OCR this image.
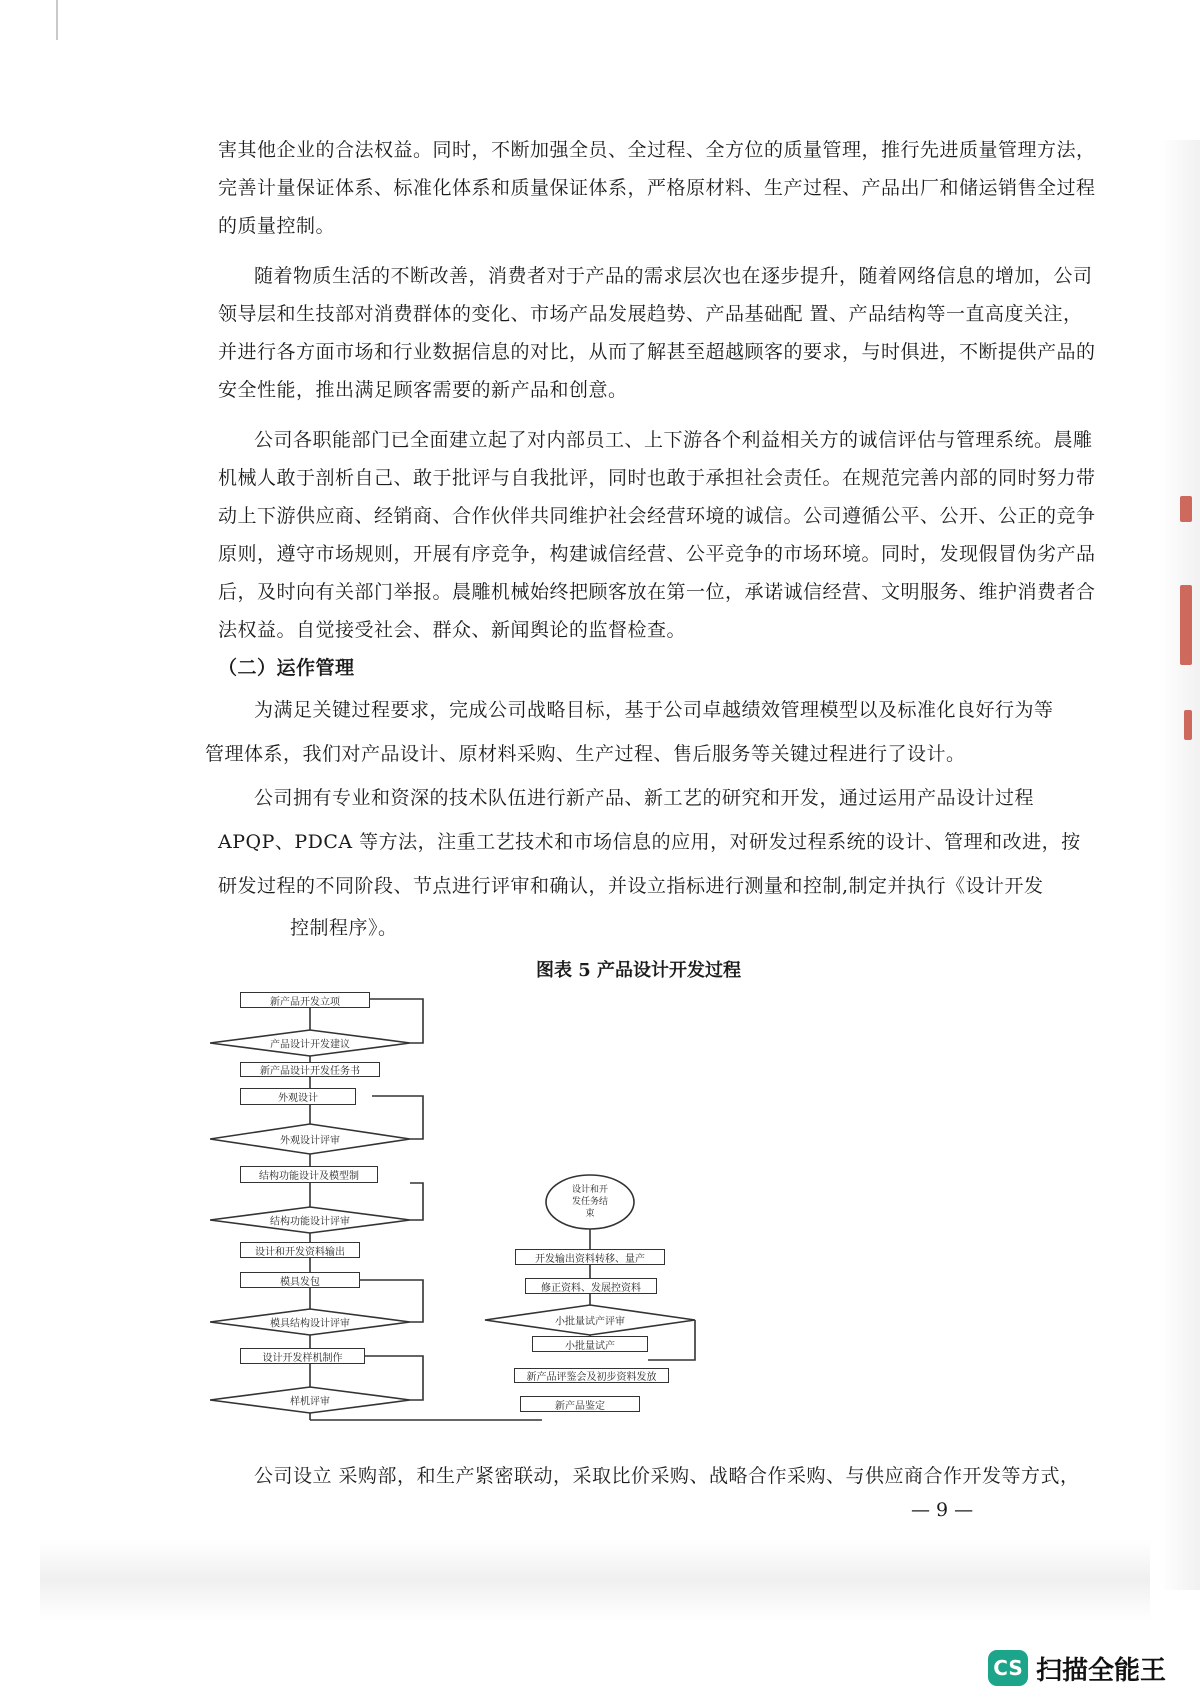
害其他企业的合法权益。同时，不断加强全员、全过程、全方位的质量管理，推行先进质量管理方法，

完善计量保证体系、标准化体系和质量保证体系，严格原材料、生产过程、产品出厂和储运销售全过程

的质量控制。

随着物质生活的不断改善，消费者对于产品的需求层次也在逐步提升，随着网络信息的增加，公司

领导层和生技部对消费群体的变化、市场产品发展趋势、产品基础配 置、产品结构等一直高度关注，

并进行各方面市场和行业数据信息的对比，从而了解甚至超越顾客的要求，与时俱进，不断提供产品的

安全性能，推出满足顾客需要的新产品和创意。

公司各职能部门已全面建立起了对内部员工、上下游各个利益相关方的诚信评估与管理系统。晨雕

机械人敢于剖析自己、敢于批评与自我批评，同时也敢于承担社会责任。在规范完善内部的同时努力带

动上下游供应商、经销商、合作伙伴共同维护社会经营环境的诚信。公司遵循公平、公开、公正的竞争

原则，遵守市场规则，开展有序竞争，构建诚信经营、公平竞争的市场环境。同时，发现假冒伪劣产品

后，及时向有关部门举报。晨雕机械始终把顾客放在第一位，承诺诚信经营、文明服务、维护消费者合

法权益。自觉接受社会、群众、新闻舆论的监督检查。

（二）运作管理

为满足关键过程要求，完成公司战略目标，基于公司卓越绩效管理模型以及标准化良好行为等

管理体系，我们对产品设计、原材料采购、生产过程、售后服务等关键过程进行了设计。

公司拥有专业和资深的技术队伍进行新产品、新工艺的研究和开发，通过运用产品设计过程

APQP、PDCA 等方法，注重工艺技术和市场信息的应用，对研发过程系统的设计、管理和改进，按

研发过程的不同阶段、节点进行评审和确认，并设立指标进行测量和控制,制定并执行《设计开发

控制程序》。

图表 5 产品设计开发过程

新产品开发立项
产品设计开发建议
新产品设计开发任务书
外观设计
外观设计评审
结构功能设计及模型制
结构功能设计评审
设计和开发资料输出
模具发包
模具结构设计评审
设计开发样机制作
样机评审	新产品鉴定
新产品评鉴会及初步资料发放
小批量试产
小批量试产评审
修正资料、发展控资料
开发输出资料转移、量产
设计和开
发任务结
束

公司设立 采购部，和生产紧密联动，采取比价采购、战略合作采购、与供应商合作开发等方式，

— 9 —

CS 扫描全能王
